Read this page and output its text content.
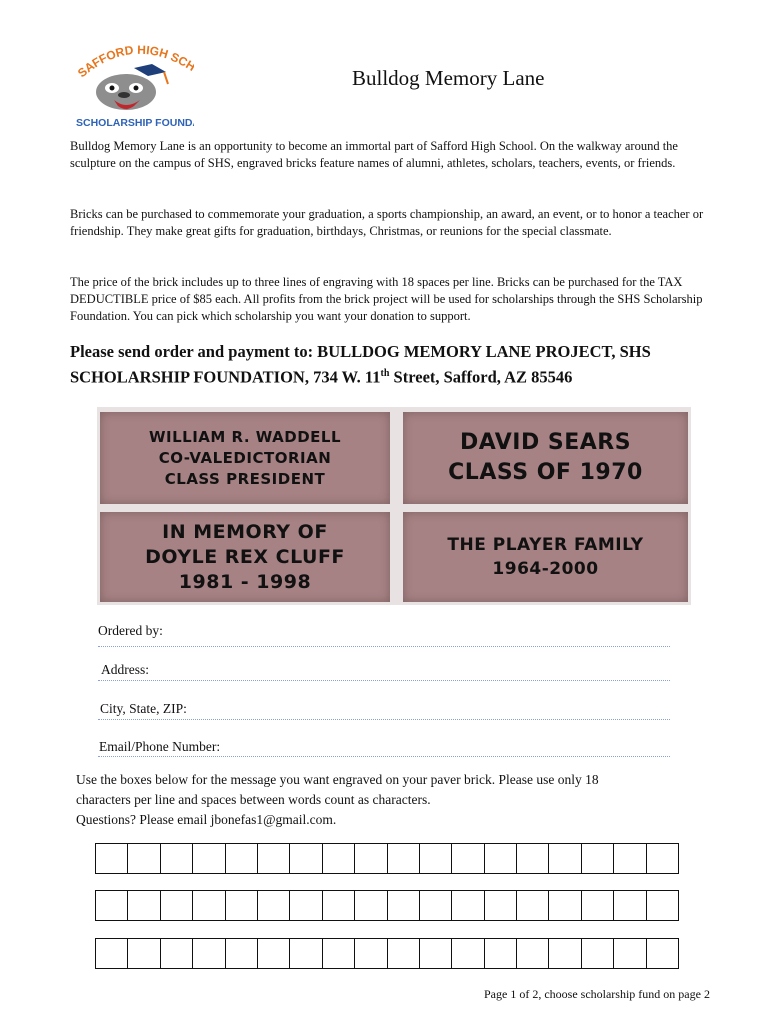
SAFFORD HIGH SC
SCHOLARSHIP FOUND
Bulldog Memory Lane

Bulldog Memory Lane is an opportunity to become an immortal part of Safford High School. On the walkway around the sculpture on the campus of SHS, engraved bricks feature names of alumni, athletes, scholars, teachers, events, or friends.

Bricks can be purchased to commemorate your graduation, a sports championship, an award, an event, or to honor a teacher or friendship. They make great gifts for graduation, birthdays, Christmas, or reunions for the special classmate.

The price of the brick includes up to three lines of engraving with 18 spaces per line. Bricks can be purchased for the TAX DEDUCTIBLE price of $85 each. All profits from the brick project will be used for scholarships through the SHS Scholarship Foundation. You can pick which scholarship you want your donation to support.

Please send order and payment to: BULLDOG MEMORY LANE PROJECT, SHS SCHOLARSHIP FOUNDATION, 734 W. 11th Street, Safford, AZ 85546
WILLIAM R. WADDELL
CO-VALEDICTORIAN
CLASS PRESIDENT
DAVID SEARS
CLASS OF 1970
IN MEMORY OF
DOYLE REX CLUFF
1981 - 1998
THE PLAYER FAMILY
1964-2000
Ordered by:
Address:
City, State, ZIP:
Email/Phone Number:
Use the boxes below for the message you want engraved on your paver brick. Please use only 18
characters per line and spaces between words count as characters.
Questions? Please email jbonefas1@gmail.com.
Page 1 of 2, choose scholarship fund on page 2
